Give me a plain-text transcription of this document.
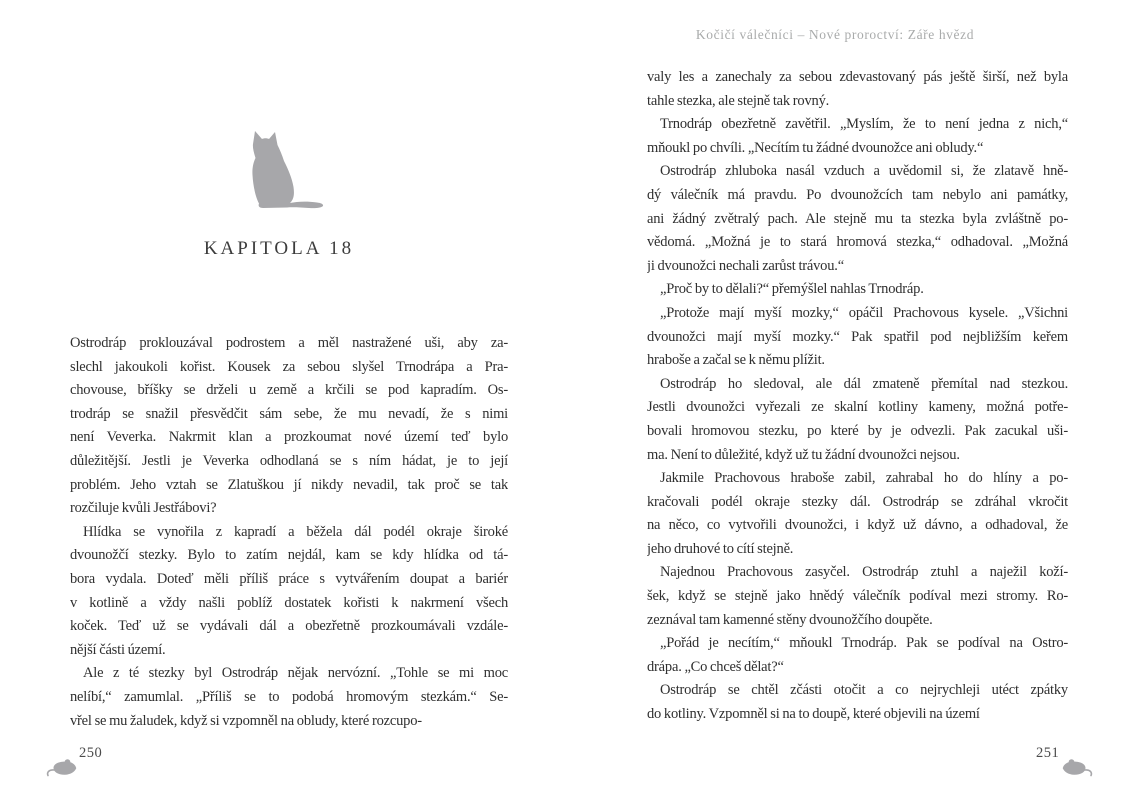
Kočičí válečníci – Nové proroctví: Záře hvězd
KAPITOLA 18
Ostrodráp proklouzával podrostem a měl nastražené uši, aby za-
slechl jakoukoli kořist. Kousek za sebou slyšel Trnodrápa a Pra-
chovouse, bříšky se drželi u země a krčili se pod kapradím. Os-
trodráp se snažil přesvědčit sám sebe, že mu nevadí, že s nimi
není Veverka. Nakrmit klan a prozkoumat nové území teď bylo
důležitější. Jestli je Veverka odhodlaná se s ním hádat, je to její
problém. Jeho vztah se Zlatuškou jí nikdy nevadil, tak proč se tak
rozčiluje kvůli Jestřábovi?
Hlídka se vynořila z kapradí a běžela dál podél okraje široké
dvounožčí stezky. Bylo to zatím nejdál, kam se kdy hlídka od tá-
bora vydala. Doteď měli příliš práce s vytvářením doupat a bariér
v kotlině a vždy našli poblíž dostatek kořisti k nakrmení všech
koček. Teď už se vydávali dál a obezřetně prozkoumávali vzdále-
nější části území.
Ale z té stezky byl Ostrodráp nějak nervózní. „Tohle se mi moc
nelíbí,“ zamumlal. „Příliš se to podobá hromovým stezkám.“ Se-
vřel se mu žaludek, když si vzpomněl na obludy, které rozcupo-
valy les a zanechaly za sebou zdevastovaný pás ještě širší, než byla
tahle stezka, ale stejně tak rovný.
Trnodráp obezřetně zavětřil. „Myslím, že to není jedna z nich,“
mňoukl po chvíli. „Necítím tu žádné dvounožce ani obludy.“
Ostrodráp zhluboka nasál vzduch a uvědomil si, že zlatavě hně-
dý válečník má pravdu. Po dvounožcích tam nebylo ani památky,
ani žádný zvětralý pach. Ale stejně mu ta stezka byla zvláštně po-
vědomá. „Možná je to stará hromová stezka,“ odhadoval. „Možná
ji dvounožci nechali zarůst trávou.“
„Proč by to dělali?“ přemýšlel nahlas Trnodráp.
„Protože mají myší mozky,“ opáčil Prachovous kysele. „Všichni
dvounožci mají myší mozky.“ Pak spatřil pod nejbližším keřem
hraboše a začal se k němu plížit.
Ostrodráp ho sledoval, ale dál zmateně přemítal nad stezkou.
Jestli dvounožci vyřezali ze skalní kotliny kameny, možná potře-
bovali hromovou stezku, po které by je odvezli. Pak zacukal uši-
ma. Není to důležité, když už tu žádní dvounožci nejsou.
Jakmile Prachovous hraboše zabil, zahrabal ho do hlíny a po-
kračovali podél okraje stezky dál. Ostrodráp se zdráhal vkročit
na něco, co vytvořili dvounožci, i když už dávno, a odhadoval, že
jeho druhové to cítí stejně.
Najednou Prachovous zasyčel. Ostrodráp ztuhl a naježil koží-
šek, když se stejně jako hnědý válečník podíval mezi stromy. Ro-
zeznával tam kamenné stěny dvounožčího doupěte.
„Pořád je necítím,“ mňoukl Trnodráp. Pak se podíval na Ostro-
drápa. „Co chceš dělat?“
Ostrodráp se chtěl zčásti otočit a co nejrychleji utéct zpátky
do kotliny. Vzpomněl si na to doupě, které objevili na území
250	251
